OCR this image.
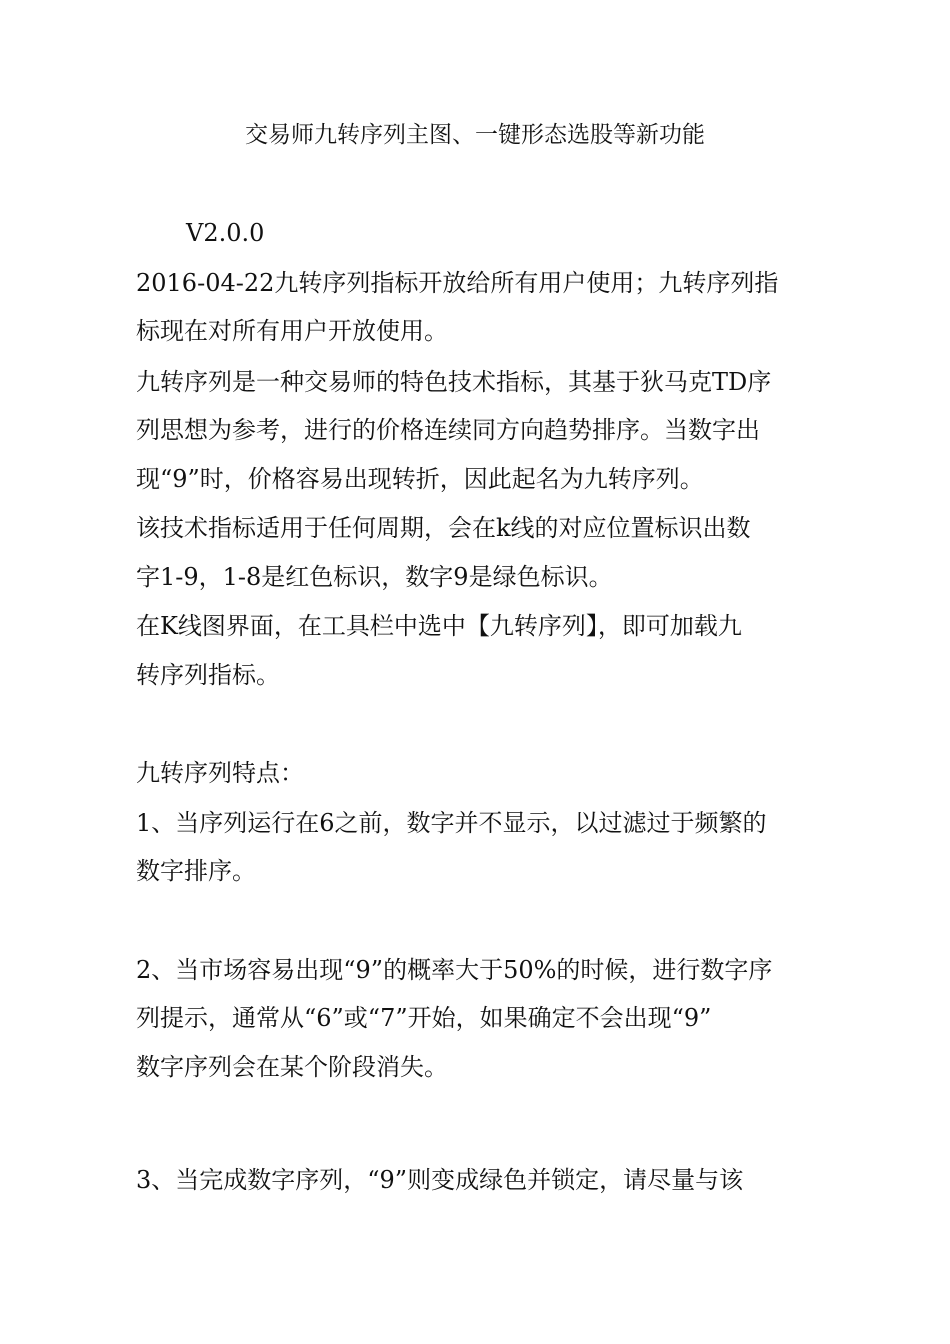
交易师九转序列主图、一键形态选股等新功能
V2.0.0
2016-04-22九转序列指标开放给所有用户使用；九转序列指
标现在对所有用户开放使用。
九转序列是一种交易师的特色技术指标，其基于狄马克TD序
列思想为参考，进行的价格连续同方向趋势排序。当数字出
现“9”时，价格容易出现转折，因此起名为九转序列。
该技术指标适用于任何周期，会在k线的对应位置标识出数
字1-9，1-8是红色标识，数字9是绿色标识。
在K线图界面，在工具栏中选中【九转序列】，即可加载九
转序列指标。
九转序列特点：
1、当序列运行在6之前，数字并不显示，以过滤过于频繁的
数字排序。
2、当市场容易出现“9”的概率大于50%的时候，进行数字序
列提示，通常从“6”或“7”开始，如果确定不会出现“9”
数字序列会在某个阶段消失。
3、当完成数字序列，“9”则变成绿色并锁定，请尽量与该
